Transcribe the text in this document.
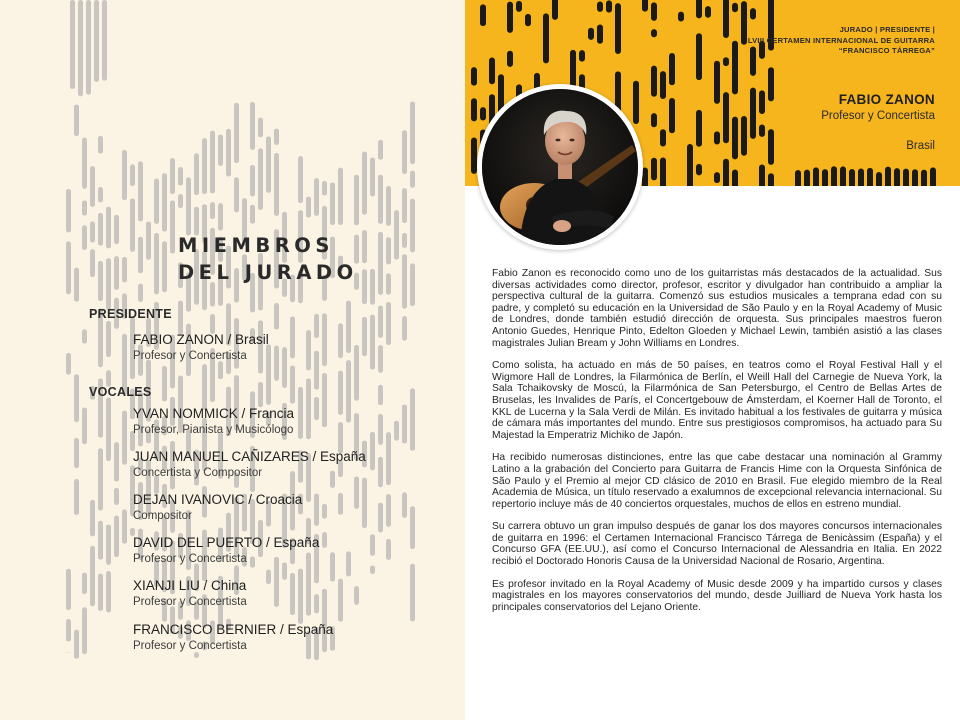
MIEMBROS
DEL JURADO
PRESIDENTE
FABIO ZANON / Brasil
Profesor y Concertista
VOCALES
YVAN NOMMICK / Francia
Profesor, Pianista y Musicólogo
JUAN MANUEL CAÑIZARES / España
Concertista y Compositor
DEJAN IVANOVIC / Croacia
Compositor
DAVID DEL PUERTO / España
Profesor y Concertista
XIANJI LIU / China
Profesor y Concertista
FRANCISCO BERNIER / España
Profesor y Concertista
JURADO | PRESIDENTE |
LVIII CERTAMEN INTERNACIONAL DE GUITARRA
“FRANCISCO TÁRREGA”
FABIO ZANON
Profesor y Concertista
Brasil

Fabio Zanon es reconocido como uno de los guitarristas más destacados de la actualidad. Sus diversas actividades como director, profesor, escritor y divulgador han contribuido a ampliar la perspectiva cultural de la guitarra. Comenzó sus estudios musicales a temprana edad con su padre, y completó su educación en la Universidad de São Paulo y en la Royal Academy of Music de Londres, donde también estudió dirección de orquesta. Sus principales maestros fueron Antonio Guedes, Henrique Pinto, Edelton Gloeden y Michael Lewin, también asistió a las clases magistrales Julian Bream y John Williams en Londres.

Como solista, ha actuado en más de 50 países, en teatros como el Royal Festival Hall y el Wigmore Hall de Londres, la Filarmónica de Berlín, el Weill Hall del Carnegie de Nueva York, la Sala Tchaikovsky de Moscú, la Filarmónica de San Petersburgo, el Centro de Bellas Artes de Bruselas, les Invalides de París, el Concertgebouw de Ámsterdam, el Koerner Hall de Toronto, el KKL de Lucerna y la Sala Verdi de Milán. Es invitado habitual a los festivales de guitarra y música de cámara más importantes del mundo. Entre sus prestigiosos compromisos, ha actuado para Su Majestad la Emperatriz Michiko de Japón.

Ha recibido numerosas distinciones, entre las que cabe destacar una nominación al Grammy Latino a la grabación del Concierto para Guitarra de Francis Hime con la Orquesta Sinfónica de São Paulo y el Premio al mejor CD clásico de 2010 en Brasil. Fue elegido miembro de la Real Academia de Música, un título reservado a exalumnos de excepcional relevancia internacional. Su repertorio incluye más de 40 conciertos orquestales, muchos de ellos en estreno mundial.

Su carrera obtuvo un gran impulso después de ganar los dos mayores concursos internacionales de guitarra en 1996: el Certamen Internacional Francisco Tárrega de Benicàssim (España) y el Concurso GFA (EE.UU.), así como el Concurso Internacional de Alessandria en Italia. En 2022 recibió el Doctorado Honoris Causa de la Universidad Nacional de Rosario, Argentina.

Es profesor invitado en la Royal Academy of Music desde 2009 y ha impartido cursos y clases magistrales en los mayores conservatorios del mundo, desde Juilliard de Nueva York hasta los principales conservatorios del Lejano Oriente.
